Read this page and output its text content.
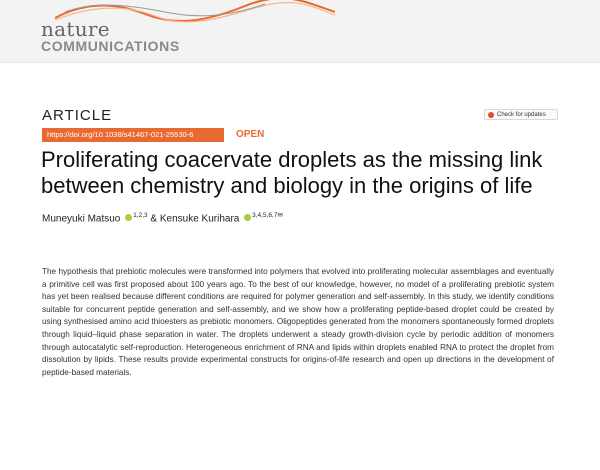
nature
COMMUNICATIONS
ARTICLE	Check for updates
https://doi.org/10.1038/s41467-021-25530-6	OPEN
Proliferating coacervate droplets as the missing link between chemistry and biology in the origins of life
Muneyuki Matsuo $^{1,2,3}$ & Kensuke Kurihara $^{3,4,5,6,7✉}$

The hypothesis that prebiotic molecules were transformed into polymers that evolved into proliferating molecular assemblages and eventually a primitive cell was first proposed about 100 years ago. To the best of our knowledge, however, no model of a proliferating prebiotic system has yet been realised because different conditions are required for polymer generation and self-assembly. In this study, we identify conditions suitable for concurrent peptide generation and self-assembly, and we show how a proliferating peptide-based droplet could be created by using synthesised amino acid thioesters as prebiotic monomers. Oligopeptides generated from the monomers spontaneously formed droplets through liquid–liquid phase separation in water. The droplets underwent a steady growth-division cycle by periodic addition of monomers through autocatalytic self-reproduction. Heterogeneous enrichment of RNA and lipids within droplets enabled RNA to protect the droplet from dissolution by lipids. These results provide experimental constructs for origins-of-life research and open up directions in the development of peptide-based materials.
